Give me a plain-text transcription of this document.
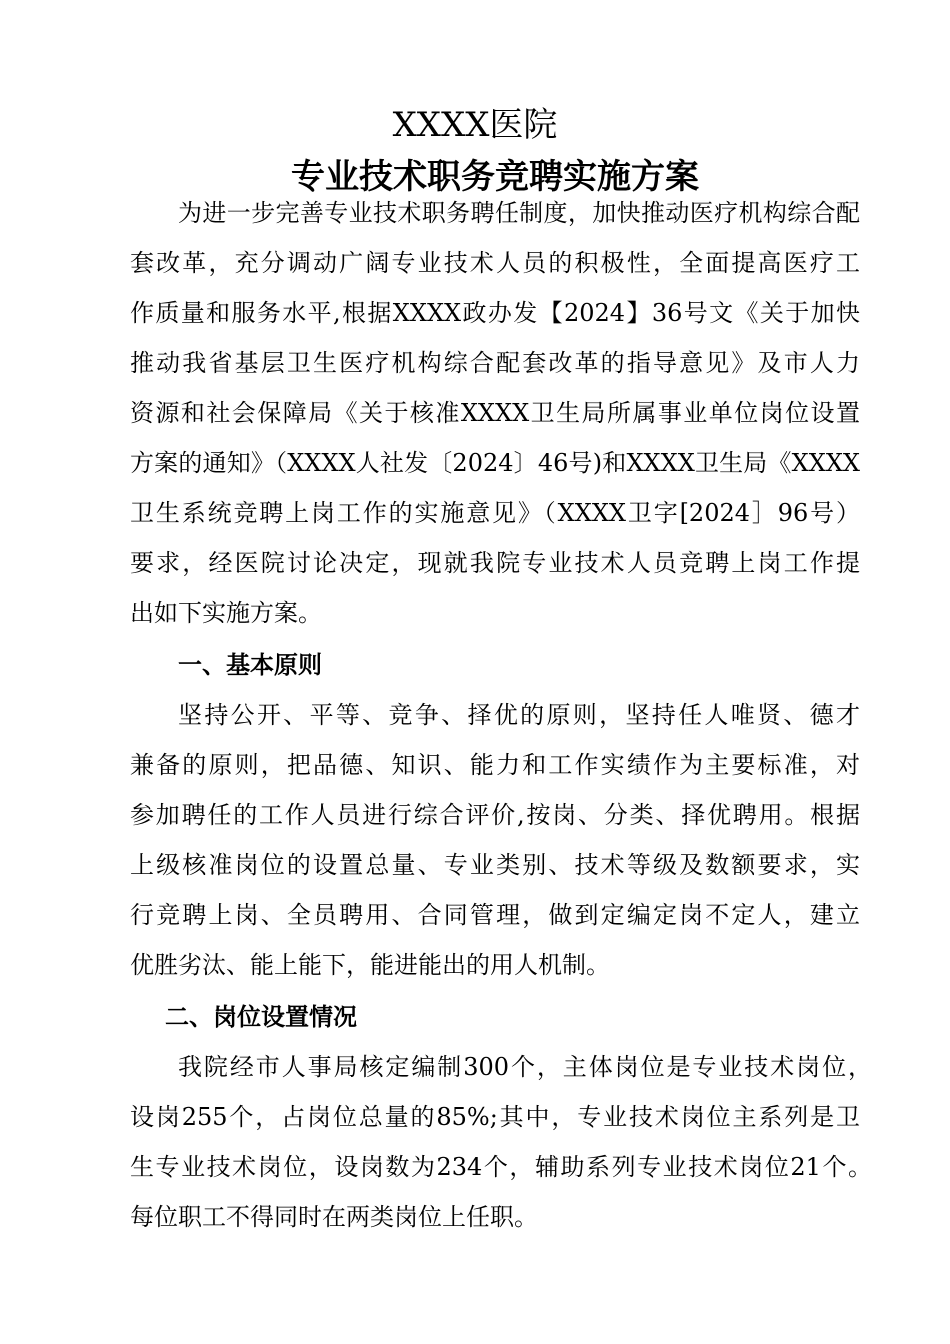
XXXX医院
专业技术职务竞聘实施方案
为进一步完善专业技术职务聘任制度，加快推动医疗机构综合配
套改革，充分调动广阔专业技术人员的积极性，全面提高医疗工
作质量和服务水平,根据XXXX政办发【2024】36号文《关于加快
推动我省基层卫生医疗机构综合配套改革的指导意见》及市人力
资源和社会保障局《关于核准XXXX卫生局所属事业单位岗位设置
方案的通知》（XXXX人社发〔2024〕46号)和XXXX卫生局《XXXX
卫生系统竞聘上岗工作的实施意见》（XXXX卫字[2024］96号）
要求，经医院讨论决定，现就我院专业技术人员竞聘上岗工作提
出如下实施方案。
一、基本原则
坚持公开、平等、竞争、择优的原则，坚持任人唯贤、德才
兼备的原则，把品德、知识、能力和工作实绩作为主要标准，对
参加聘任的工作人员进行综合评价,按岗、分类、择优聘用。根据
上级核准岗位的设置总量、专业类别、技术等级及数额要求，实
行竞聘上岗、全员聘用、合同管理，做到定编定岗不定人，建立
优胜劣汰、能上能下，能进能出的用人机制。
二、岗位设置情况
我院经市人事局核定编制300个，主体岗位是专业技术岗位，
设岗255个，占岗位总量的85%;其中，专业技术岗位主系列是卫
生专业技术岗位，设岗数为234个，辅助系列专业技术岗位21个。
每位职工不得同时在两类岗位上任职。
